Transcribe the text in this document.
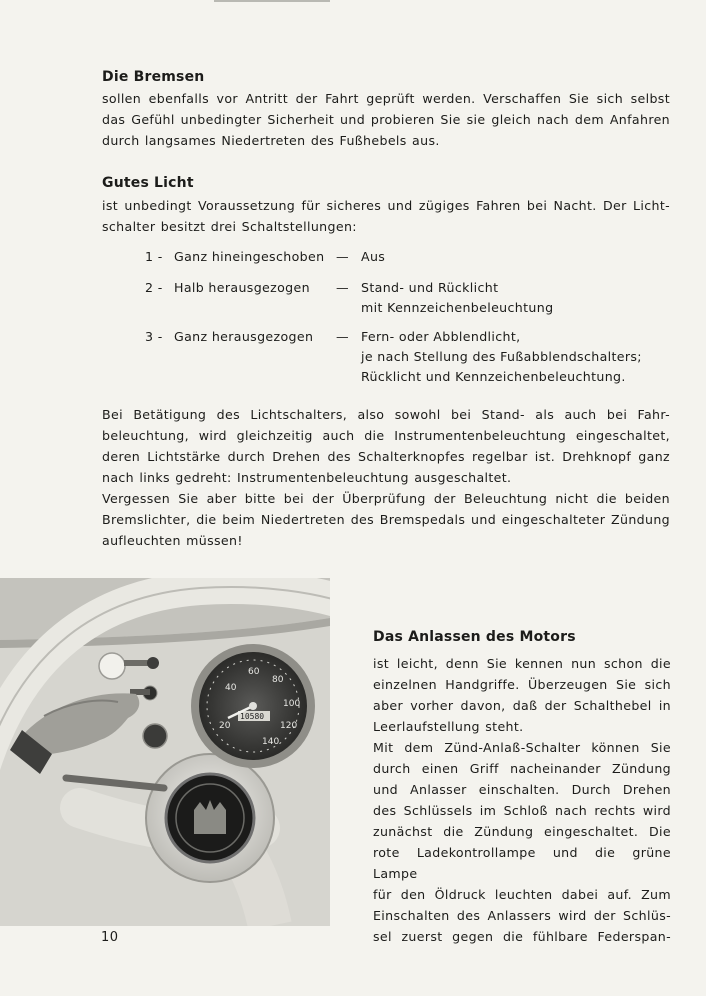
Die Bremsen

sollen ebenfalls vor Antritt der Fahrt geprüft werden. Verschaffen Sie sich selbst

das Gefühl unbedingter Sicherheit und probieren Sie sie gleich nach dem Anfahren

durch langsames Niedertreten des Fußhebels aus.

Gutes Licht

ist unbedingt Voraussetzung für sicheres und zügiges Fahren bei Nacht. Der Licht-

schalter besitzt drei Schaltstellungen:

1 - Ganz hineingeschoben — Aus
2 - Halb herausgezogen — Stand- und Rücklicht
mit Kennzeichenbeleuchtung
3 - Ganz herausgezogen — Fern- oder Abblendlicht,
je nach Stellung des Fußabblendschalters;
Rücklicht und Kennzeichenbeleuchtung.

Bei Betätigung des Lichtschalters, also sowohl bei Stand- als auch bei Fahr-

beleuchtung, wird gleichzeitig auch die Instrumentenbeleuchtung eingeschaltet,

deren Lichtstärke durch Drehen des Schalterknopfes regelbar ist. Drehknopf ganz

nach links gedreht: Instrumentenbeleuchtung ausgeschaltet.

Vergessen Sie aber bitte bei der Überprüfung der Beleuchtung nicht die beiden

Bremslichter, die beim Niedertreten des Bremspedals und eingeschalteter Zündung

aufleuchten müssen!

20
40
60
80
100
120
140
10580
Das Anlassen des Motors

ist leicht, denn Sie kennen nun schon die

einzelnen Handgriffe. Überzeugen Sie sich

aber vorher davon, daß der Schalthebel in

Leerlaufstellung steht.

Mit dem Zünd-Anlaß-Schalter können Sie

durch einen Griff nacheinander Zündung

und Anlasser einschalten. Durch Drehen

des Schlüssels im Schloß nach rechts wird

zunächst die Zündung eingeschaltet. Die

rote Ladekontrollampe und die grüne Lampe

für den Öldruck leuchten dabei auf. Zum

Einschalten des Anlassers wird der Schlüs-

sel zuerst gegen die fühlbare Federspan-

10
